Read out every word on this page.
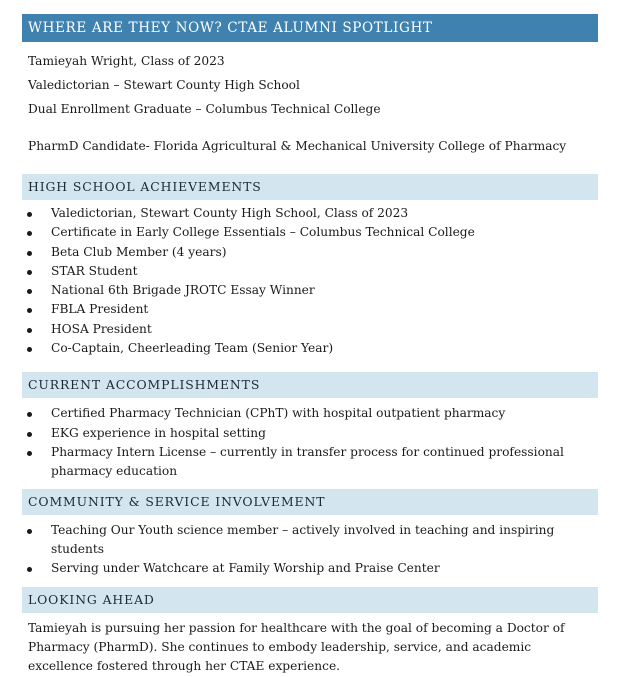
WHERE ARE THEY NOW? CTAE ALUMNI SPOTLIGHT
Tamieyah Wright, Class of 2023
Valedictorian – Stewart County High School
Dual Enrollment Graduate – Columbus Technical College
PharmD Candidate- Florida Agricultural & Mechanical University College of Pharmacy
HIGH SCHOOL ACHIEVEMENTS
Valedictorian, Stewart County High School, Class of 2023
Certificate in Early College Essentials – Columbus Technical College
Beta Club Member (4 years)
STAR Student
National 6th Brigade JROTC Essay Winner
FBLA President
HOSA President
Co-Captain, Cheerleading Team (Senior Year)
CURRENT ACCOMPLISHMENTS
Certified Pharmacy Technician (CPhT) with hospital outpatient pharmacy
EKG experience in hospital setting
Pharmacy Intern License – currently in transfer process for continued professional pharmacy education
COMMUNITY & SERVICE INVOLVEMENT
Teaching Our Youth science member – actively involved in teaching and inspiring students
Serving under Watchcare at Family Worship and Praise Center
LOOKING AHEAD
Tamieyah is pursuing her passion for healthcare with the goal of becoming a Doctor of Pharmacy (PharmD). She continues to embody leadership, service, and academic excellence fostered through her CTAE experience.
